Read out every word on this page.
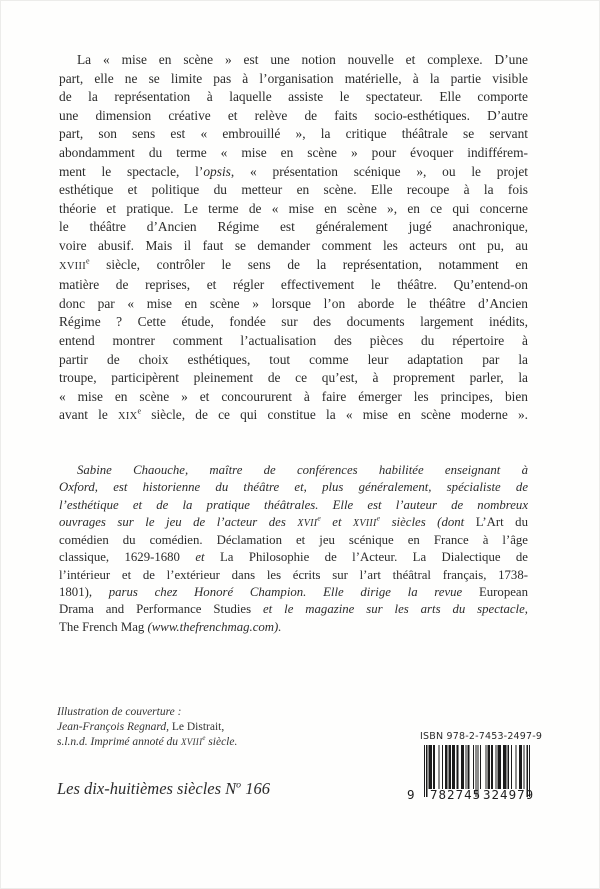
La « mise en scène » est une notion nouvelle et complexe. D’une
part, elle ne se limite pas à l’organisation matérielle, à la partie visible
de la représentation à laquelle assiste le spectateur. Elle comporte
une dimension créative et relève de faits socio-esthétiques. D’autre
part, son sens est « embrouillé », la critique théâtrale se servant
abondamment du terme « mise en scène » pour évoquer indifférem-
ment le spectacle, l’opsis, « présentation scénique », ou le projet
esthétique et politique du metteur en scène. Elle recoupe à la fois
théorie et pratique. Le terme de « mise en scène », en ce qui concerne
le théâtre d’Ancien Régime est généralement jugé anachronique,
voire abusif. Mais il faut se demander comment les acteurs ont pu, au
XVIIIe siècle, contrôler le sens de la représentation, notamment en
matière de reprises, et régler effectivement le théâtre. Qu’entend-on
donc par « mise en scène » lorsque l’on aborde le théâtre d’Ancien
Régime ? Cette étude, fondée sur des documents largement inédits,
entend montrer comment l’actualisation des pièces du répertoire à
partir de choix esthétiques, tout comme leur adaptation par la
troupe, participèrent pleinement de ce qu’est, à proprement parler, la
« mise en scène » et concoururent à faire émerger les principes, bien
avant le XIXe siècle, de ce qui constitue la « mise en scène moderne ».
Sabine Chaouche, maître de conférences habilitée enseignant à
Oxford, est historienne du théâtre et, plus généralement, spécialiste de
l’esthétique et de la pratique théâtrales. Elle est l’auteur de nombreux
ouvrages sur le jeu de l’acteur des XVIIe et XVIIIe siècles (dont L’Art du
comédien du comédien. Déclamation et jeu scénique en France à l’âge
classique, 1629-1680 et La Philosophie de l’Acteur. La Dialectique de
l’intérieur et de l’extérieur dans les écrits sur l’art théâtral français, 1738-
1801), parus chez Honoré Champion. Elle dirige la revue European
Drama and Performance Studies et le magazine sur les arts du spectacle,
The French Mag (www.thefrenchmag.com).
Illustration de couverture :
Jean-François Regnard, Le Distrait,
s.l.n.d. Imprimé annoté du XVIIIe siècle.
Les dix-huitièmes siècles $N^o$ 166
ISBN 978-2-7453-2497-9
9 782745 324979
